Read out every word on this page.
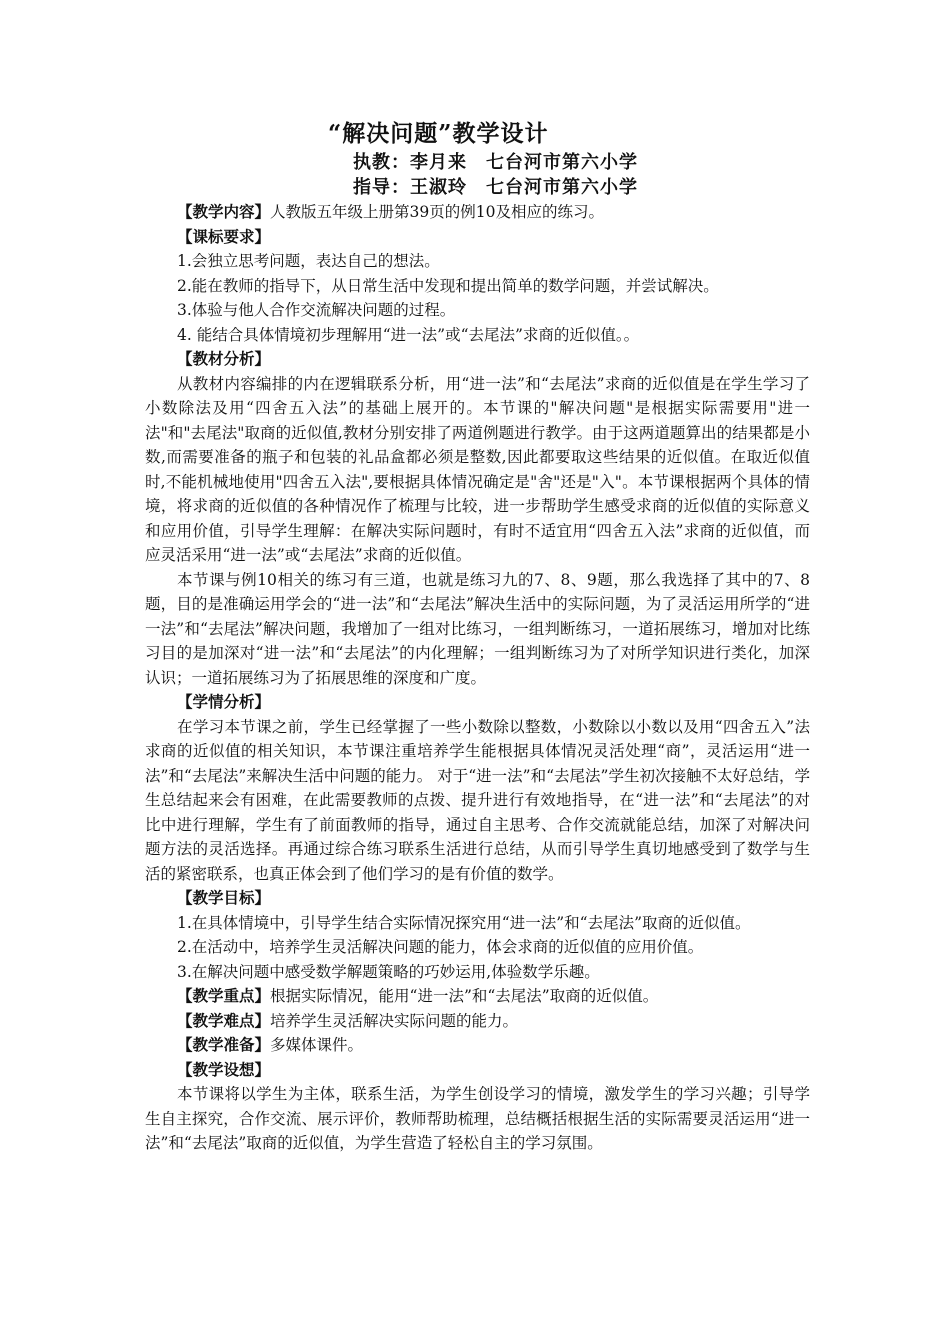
“解决问题”教学设计
执教：李月来　七台河市第六小学
指导：王淑玲　七台河市第六小学
【教学内容】人教版五年级上册第39页的例10及相应的练习。
【课标要求】
1.会独立思考问题，表达自己的想法。
2.能在教师的指导下，从日常生活中发现和提出简单的数学问题，并尝试解决。
3.体验与他人合作交流解决问题的过程。
4. 能结合具体情境初步理解用“进一法”或“去尾法”求商的近似值。。
【教材分析】

从教材内容编排的内在逻辑联系分析，用“进一法”和“去尾法”求商的近似值是在学生学习了小数除法及用“四舍五入法”的基础上展开的。本节课的"解决问题"是根据实际需要用"进一法"和"去尾法"取商的近似值,教材分别安排了两道例题进行教学。由于这两道题算出的结果都是小数,而需要准备的瓶子和包装的礼品盒都必须是整数,因此都要取这些结果的近似值。在取近似值时,不能机械地使用"四舍五入法",要根据具体情况确定是"舍"还是"入"。本节课根据两个具体的情境，将求商的近似值的各种情况作了梳理与比较，进一步帮助学生感受求商的近似值的实际意义和应用价值，引导学生理解：在解决实际问题时，有时不适宜用“四舍五入法”求商的近似值，而应灵活采用“进一法”或“去尾法”求商的近似值。

本节课与例10相关的练习有三道，也就是练习九的7、8、9题，那么我选择了其中的7、8题，目的是准确运用学会的“进一法”和“去尾法”解决生活中的实际问题，为了灵活运用所学的“进一法”和“去尾法”解决问题，我增加了一组对比练习，一组判断练习，一道拓展练习，增加对比练习目的是加深对“进一法”和“去尾法”的内化理解；一组判断练习为了对所学知识进行类化，加深认识；一道拓展练习为了拓展思维的深度和广度。

【学情分析】

在学习本节课之前，学生已经掌握了一些小数除以整数，小数除以小数以及用“四舍五入”法求商的近似值的相关知识，本节课注重培养学生能根据具体情况灵活处理“商”，灵活运用“进一法”和“去尾法”来解决生活中问题的能力。 对于“进一法”和“去尾法”学生初次接触不太好总结，学生总结起来会有困难，在此需要教师的点拨、提升进行有效地指导，在“进一法”和“去尾法”的对比中进行理解，学生有了前面教师的指导，通过自主思考、合作交流就能总结，加深了对解决问题方法的灵活选择。再通过综合练习联系生活进行总结，从而引导学生真切地感受到了数学与生活的紧密联系，也真正体会到了他们学习的是有价值的数学。

【教学目标】
1.在具体情境中，引导学生结合实际情况探究用“进一法”和“去尾法”取商的近似值。
2.在活动中，培养学生灵活解决问题的能力，体会求商的近似值的应用价值。
3.在解决问题中感受数学解题策略的巧妙运用,体验数学乐趣。
【教学重点】根据实际情况，能用“进一法”和“去尾法”取商的近似值。
【教学难点】培养学生灵活解决实际问题的能力。
【教学准备】多媒体课件。
【教学设想】

本节课将以学生为主体，联系生活，为学生创设学习的情境，激发学生的学习兴趣；引导学生自主探究，合作交流、展示评价，教师帮助梳理，总结概括根据生活的实际需要灵活运用“进一法”和“去尾法”取商的近似值，为学生营造了轻松自主的学习氛围。
